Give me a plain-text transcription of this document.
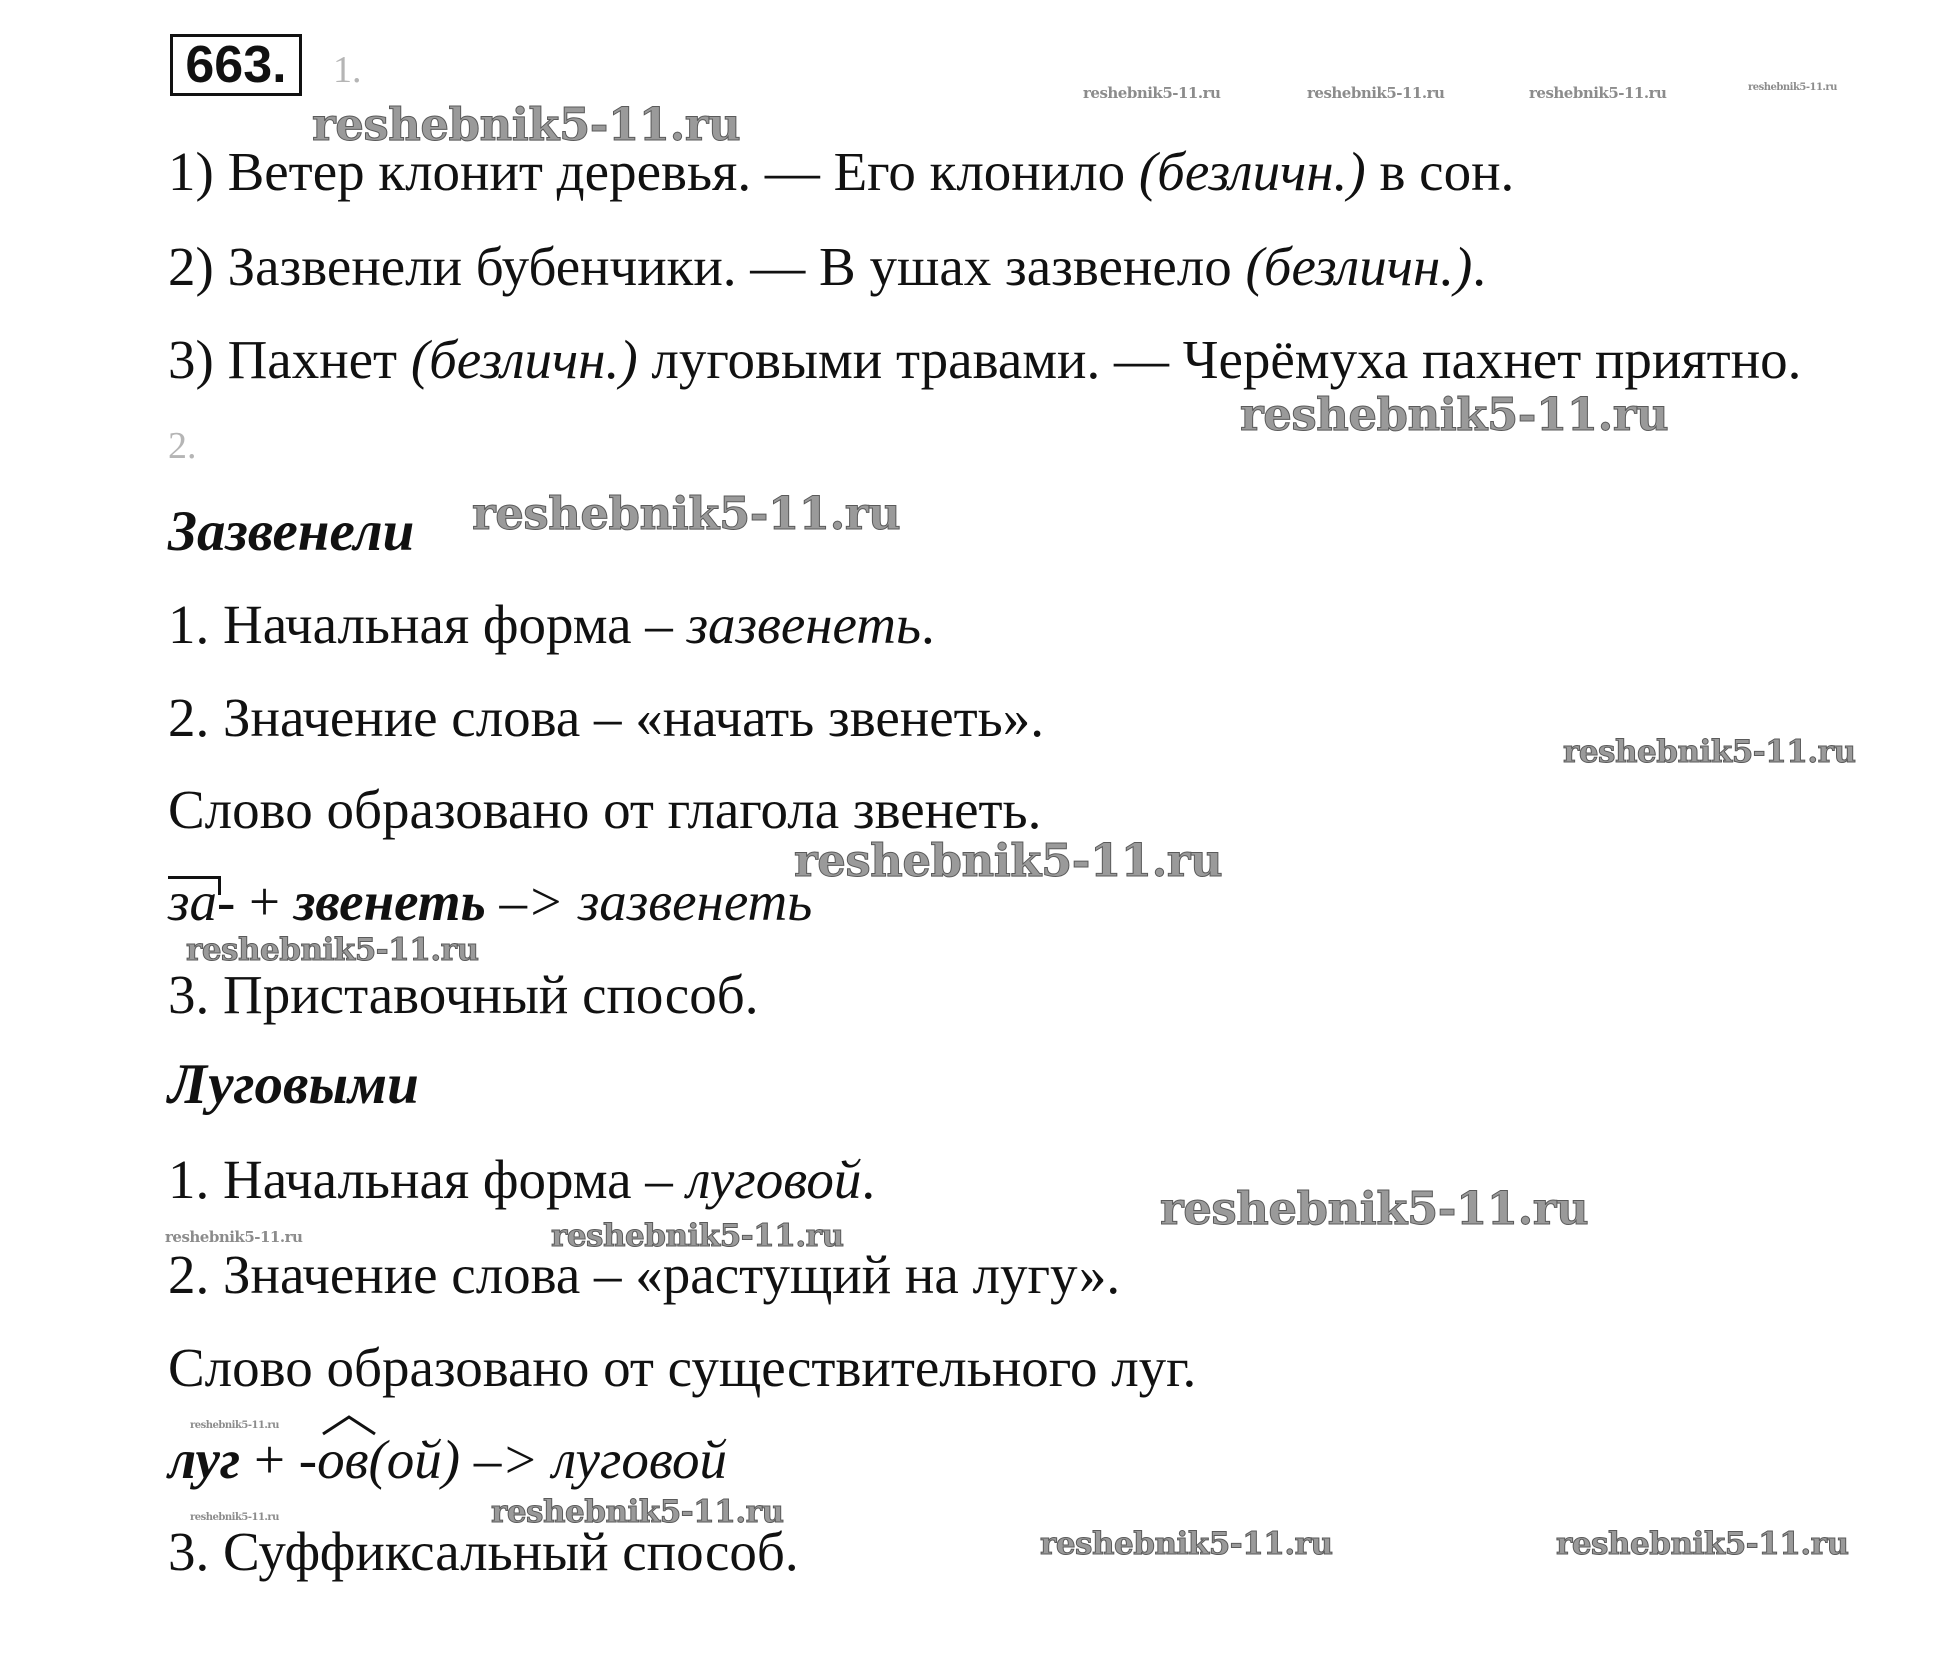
663.	1.
1) Ветер клонит деревья. — Его клонило (безличн.) в сон.
2) Зазвенели бубенчики. — В ушах зазвенело (безличн.).
3) Пахнет (безличн.) луговыми травами. — Черёмуха пахнет приятно.
2.
Зазвенели
1. Начальная форма – зазвенеть.
2. Значение слова – «начать звенеть».
Слово образовано от глагола звенеть.
за- + звенеть –> зазвенеть
3. Приставочный способ.
Луговыми
1. Начальная форма – луговой.
2. Значение слова – «растущий на лугу».
Слово образовано от существительного луг.
луг + -
ов(ой) –> луговой
3. Суффиксальный способ.
reshebnik5-11.ru
reshebnik5-11.ru	reshebnik5-11.ru	reshebnik5-11.ru	reshebnik5-11.ru
reshebnik5-11.ru
reshebnik5-11.ru
reshebnik5-11.ru
reshebnik5-11.ru
reshebnik5-11.ru
reshebnik5-11.ru
reshebnik5-11.ru	reshebnik5-11.ru
reshebnik5-11.ru
reshebnik5-11.ru
reshebnik5-11.ru
reshebnik5-11.ru	reshebnik5-11.ru
